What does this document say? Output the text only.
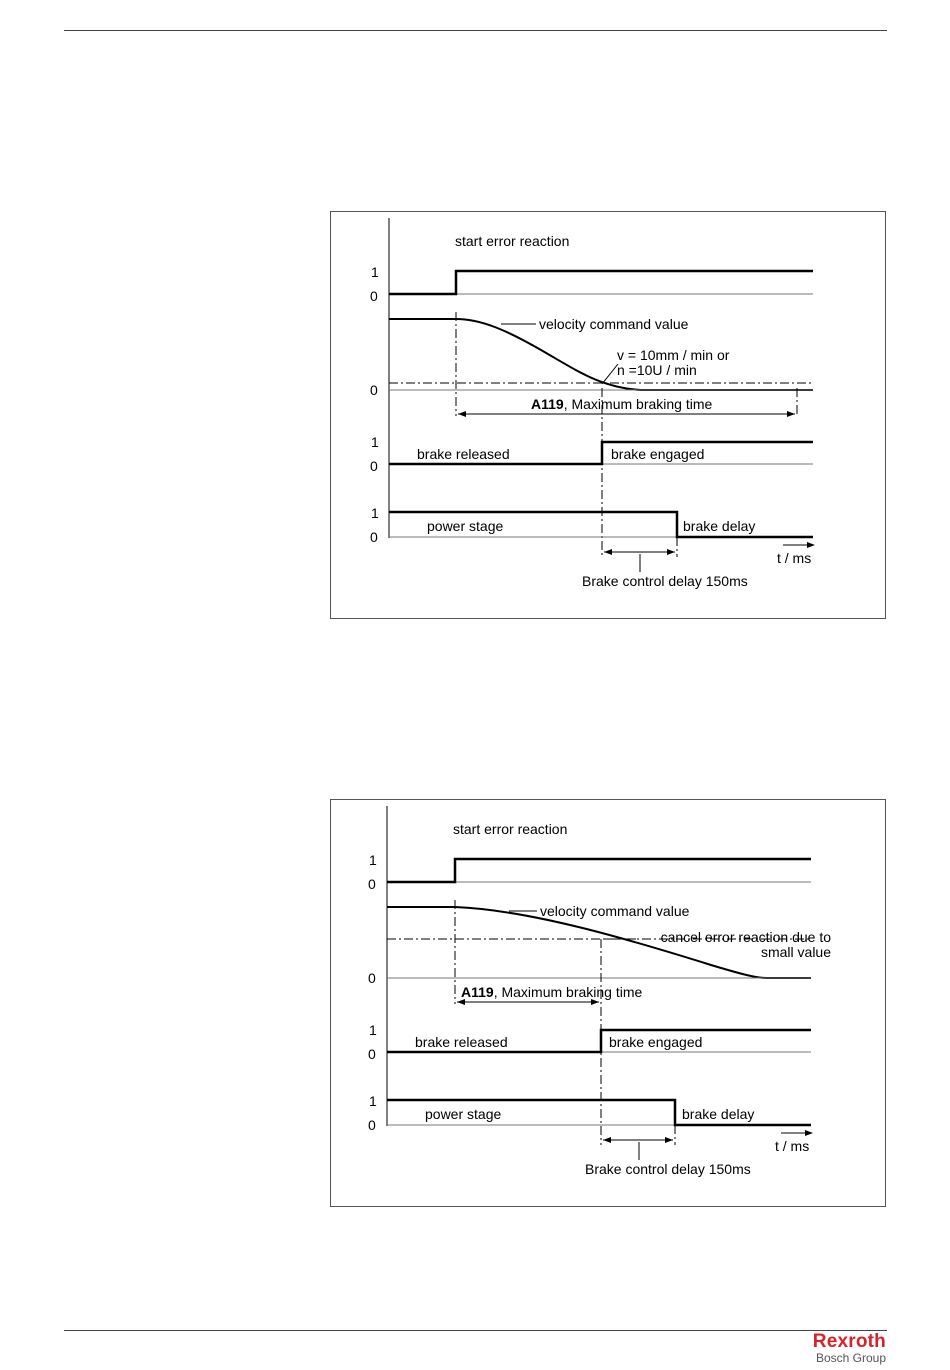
start error reaction
1
0
velocity command value
v = 10mm / min or
n =10U / min
0
A119, Maximum braking time
1
0
brake released	brake engaged
1
0
power stage	brake delay
t / ms
Brake control delay 150ms
start error reaction
1
0
velocity command value
cancel error reaction due to
small value
0
A119, Maximum braking time
1
0
brake released	brake engaged
1
0
power stage	brake delay
t / ms
Brake control delay 150ms
Rexroth
Bosch Group
